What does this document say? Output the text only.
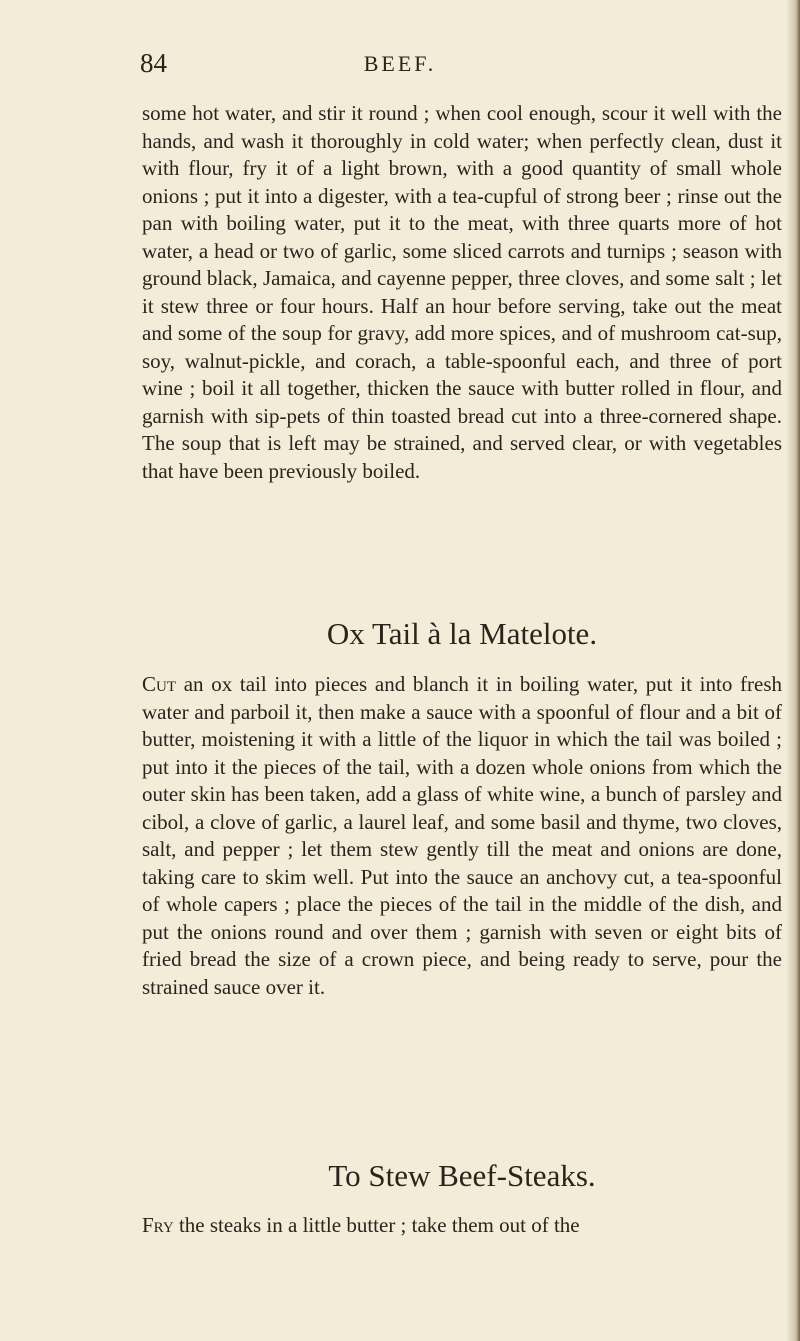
84	BEEF.

some hot water, and stir it round ; when cool enough, scour it well with the hands, and wash it thoroughly in cold water; when perfectly clean, dust it with flour, fry it of a light brown, with a good quantity of small whole onions ; put it into a digester, with a tea-cupful of strong beer ; rinse out the pan with boiling water, put it to the meat, with three quarts more of hot water, a head or two of garlic, some sliced carrots and turnips ; season with ground black, Jamaica, and cayenne pepper, three cloves, and some salt ; let it stew three or four hours. Half an hour before serving, take out the meat and some of the soup for gravy, add more spices, and of mushroom cat-sup, soy, walnut-pickle, and corach, a table-spoonful each, and three of port wine ; boil it all together, thicken the sauce with butter rolled in flour, and garnish with sip-pets of thin toasted bread cut into a three-cornered shape. The soup that is left may be strained, and served clear, or with vegetables that have been previously boiled.

Ox Tail à la Matelote.

Cut an ox tail into pieces and blanch it in boiling water, put it into fresh water and parboil it, then make a sauce with a spoonful of flour and a bit of butter, moistening it with a little of the liquor in which the tail was boiled ; put into it the pieces of the tail, with a dozen whole onions from which the outer skin has been taken, add a glass of white wine, a bunch of parsley and cibol, a clove of garlic, a laurel leaf, and some basil and thyme, two cloves, salt, and pepper ; let them stew gently till the meat and onions are done, taking care to skim well. Put into the sauce an anchovy cut, a tea-spoonful of whole capers ; place the pieces of the tail in the middle of the dish, and put the onions round and over them ; garnish with seven or eight bits of fried bread the size of a crown piece, and being ready to serve, pour the strained sauce over it.

To Stew Beef-Steaks.

Fry the steaks in a little butter ; take them out of the
